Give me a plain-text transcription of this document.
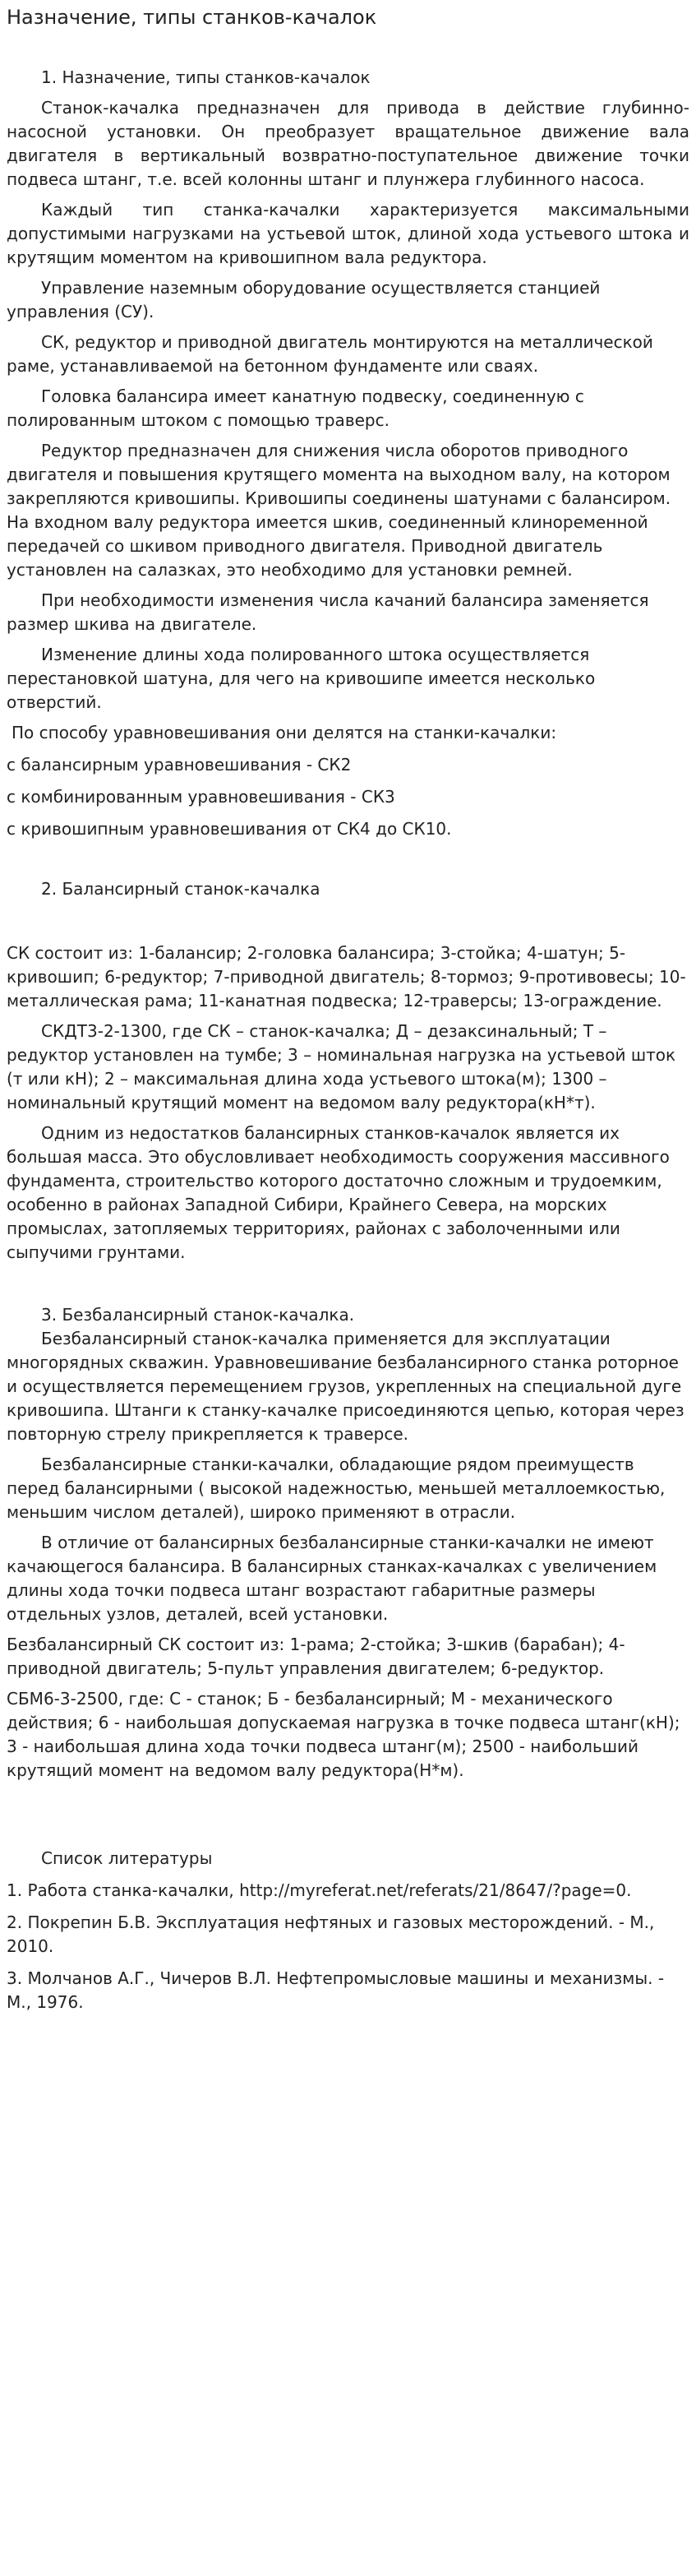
Назначение, типы станков-качалок

1. Назначение, типы станков-качалок

Станок-качалка предназначен для привода в действие глубинно-насосной установки. Он преобразует вращательное движение вала двигателя в вертикальный возвратно-поступательное движение точки подвеса штанг, т.е. всей колонны штанг и плунжера глубинного насоса.

Каждый тип станка-качалки характеризуется максимальными допустимыми нагрузками на устьевой шток, длиной хода устьевого штока и крутящим моментом на кривошипном вала редуктора.

Управление наземным оборудование осуществляется станцией управления (СУ).

СК, редуктор и приводной двигатель монтируются на металлической раме, устанавливаемой на бетонном фундаменте или сваях.

Головка балансира имеет канатную подвеску, соединенную с полированным штоком с помощью траверс.

Редуктор предназначен для снижения числа оборотов приводного двигателя и повышения крутящего момента на выходном валу, на котором закрепляются кривошипы. Кривошипы соединены шатунами с балансиром. На входном валу редуктора имеется шкив, соединенный клиноременной передачей со шкивом приводного двигателя. Приводной двигатель установлен на салазках, это необходимо для установки ремней.

При необходимости изменения числа качаний балансира заменяется размер шкива на двигателе.

Изменение длины хода полированного штока осуществляется перестановкой шатуна, для чего на кривошипе имеется несколько отверстий.

По способу уравновешивания они делятся на станки-качалки:

с балансирным уравновешивания - СК2

с комбинированным уравновешивания - СК3

с кривошипным уравновешивания от СК4 до СК10.

2. Балансирный станок-качалка

СК состоит из: 1-балансир; 2-головка балансира; 3-стойка; 4-шатун; 5-кривошип; 6-редуктор; 7-приводной двигатель; 8-тормоз; 9-противовесы; 10-металлическая рама; 11-канатная подвеска; 12-траверсы; 13-ограждение.

СКДТ3-2-1300, где СК – станок-качалка; Д – дезаксинальный; Т – редуктор установлен на тумбе; 3 – номинальная нагрузка на устьевой шток (т или кН); 2 – максимальная длина хода устьевого штока(м); 1300 – номинальный крутящий момент на ведомом валу редуктора(кН*т).

Одним из недостатков балансирных станков-качалок является их большая масса. Это обусловливает необходимость сооружения массивного фундамента, строительство которого достаточно сложным и трудоемким, особенно в районах Западной Сибири, Крайнего Севера, на морских промыслах, затопляемых территориях, районах с заболоченными или сыпучими грунтами.

3. Безбалансирный станок-качалка.

Безбалансирный станок-качалка применяется для эксплуатации многорядных скважин. Уравновешивание безбалансирного станка роторное и осуществляется перемещением грузов, укрепленных на специальной дуге кривошипа. Штанги к станку-качалке присоединяются цепью, которая через повторную стрелу прикрепляется к траверсе.

Безбалансирные станки-качалки, обладающие рядом преимуществ перед балансирными ( высокой надежностью, меньшей металлоемкостью, меньшим числом деталей), широко применяют в отрасли.

В отличие от балансирных безбалансирные станки-качалки не имеют качающегося балансира. В балансирных станках-качалках с увеличением длины хода точки подвеса штанг возрастают габаритные размеры отдельных узлов, деталей, всей установки.

Безбалансирный СК состоит из: 1-рама; 2-стойка; 3-шкив (барабан); 4-приводной двигатель; 5-пульт управления двигателем; 6-редуктор.

СБМ6-3-2500, где: С - станок; Б - безбалансирный; М - механического действия; 6 - наибольшая допускаемая нагрузка в точке подвеса штанг(кН); 3 - наибольшая длина хода точки подвеса штанг(м); 2500 - наибольший крутящий момент на ведомом валу редуктора(Н*м).

Список литературы

1. Работа станка-качалки, http://myreferat.net/referats/21/8647/?page=0.

2. Покрепин Б.В. Эксплуатация нефтяных и газовых месторождений. - М., 2010.

3. Молчанов А.Г., Чичеров В.Л. Нефтепромысловые машины и механизмы. - М., 1976.
